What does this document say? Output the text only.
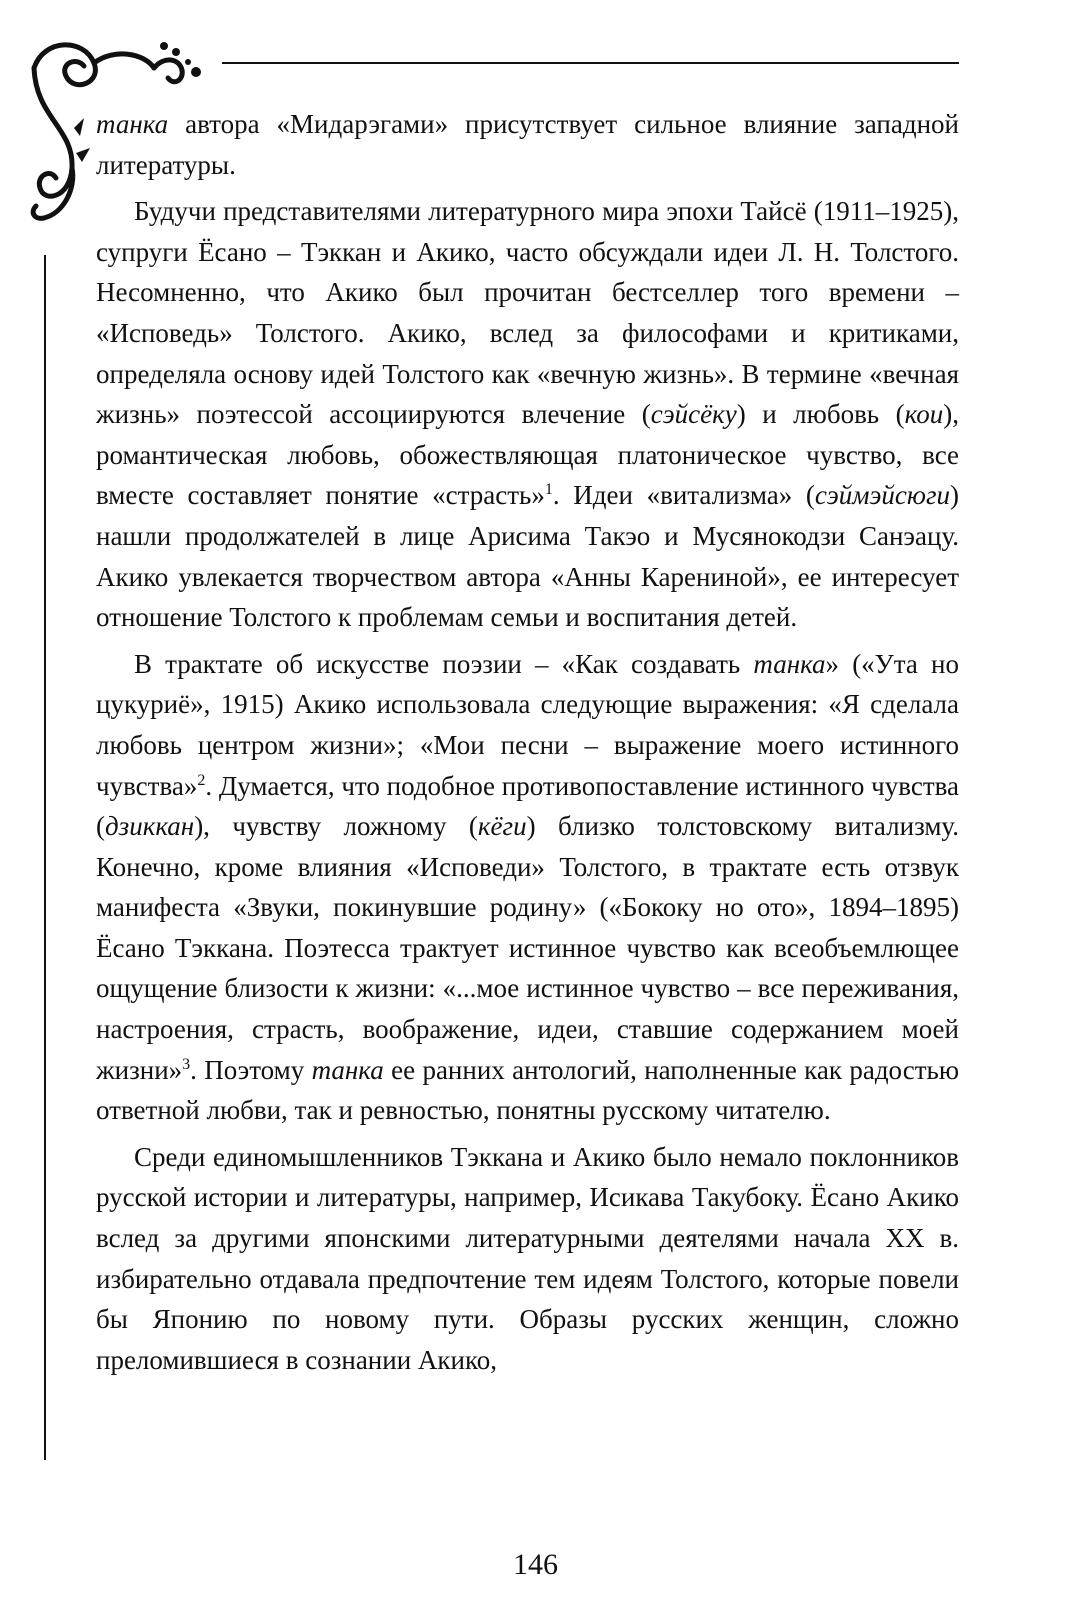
танка автора «Мидарэгами» присутствует сильное влияние западной литературы.

Будучи представителями литературного мира эпохи Тайсё (1911–1925), супруги Ёсано – Тэккан и Акико, часто обсуждали идеи Л. Н. Толстого. Несомненно, что Акико был прочитан бестселлер того времени – «Исповедь» Толстого. Акико, вслед за философами и критиками, определяла основу идей Толстого как «вечную жизнь». В термине «вечная жизнь» поэтессой ассоциируются влечение (сэйсёку) и любовь (кои), романтическая любовь, обожествляющая платоническое чувство, все вместе составляет понятие «страсть»$^1$. Идеи «витализма» (сэймэйсюги) нашли продолжателей в лице Арисима Такэо и Мусянокодзи Санэацу. Акико увлекается творчеством автора «Анны Карениной», ее интересует отношение Толстого к проблемам семьи и воспитания детей.

В трактате об искусстве поэзии – «Как создавать танка» («Ута но цукуриё», 1915) Акико использовала следующие выражения: «Я сделала любовь центром жизни»; «Мои песни – выражение моего истинного чувства»$^2$. Думается, что подобное противопоставление истинного чувства (дзиккан), чувству ложному (кёги) близко толстовскому витализму. Конечно, кроме влияния «Исповеди» Толстого, в трактате есть отзвук манифеста «Звуки, покинувшие родину» («Бококу но ото», 1894–1895) Ёсано Тэккана. Поэтесса трактует истинное чувство как всеобъемлющее ощущение близости к жизни: «...мое истинное чувство – все переживания, настроения, страсть, воображение, идеи, ставшие содержанием моей жизни»$^3$. Поэтому танка ее ранних антологий, наполненные как радостью ответной любви, так и ревностью, понятны русскому читателю.

Среди единомышленников Тэккана и Акико было немало поклонников русской истории и литературы, например, Исикава Такубоку. Ёсано Акико вслед за другими японскими литературными деятелями начала XX в. избирательно отдавала предпочтение тем идеям Толстого, которые повели бы Японию по новому пути. Образы русских женщин, сложно преломившиеся в сознании Акико,

146
